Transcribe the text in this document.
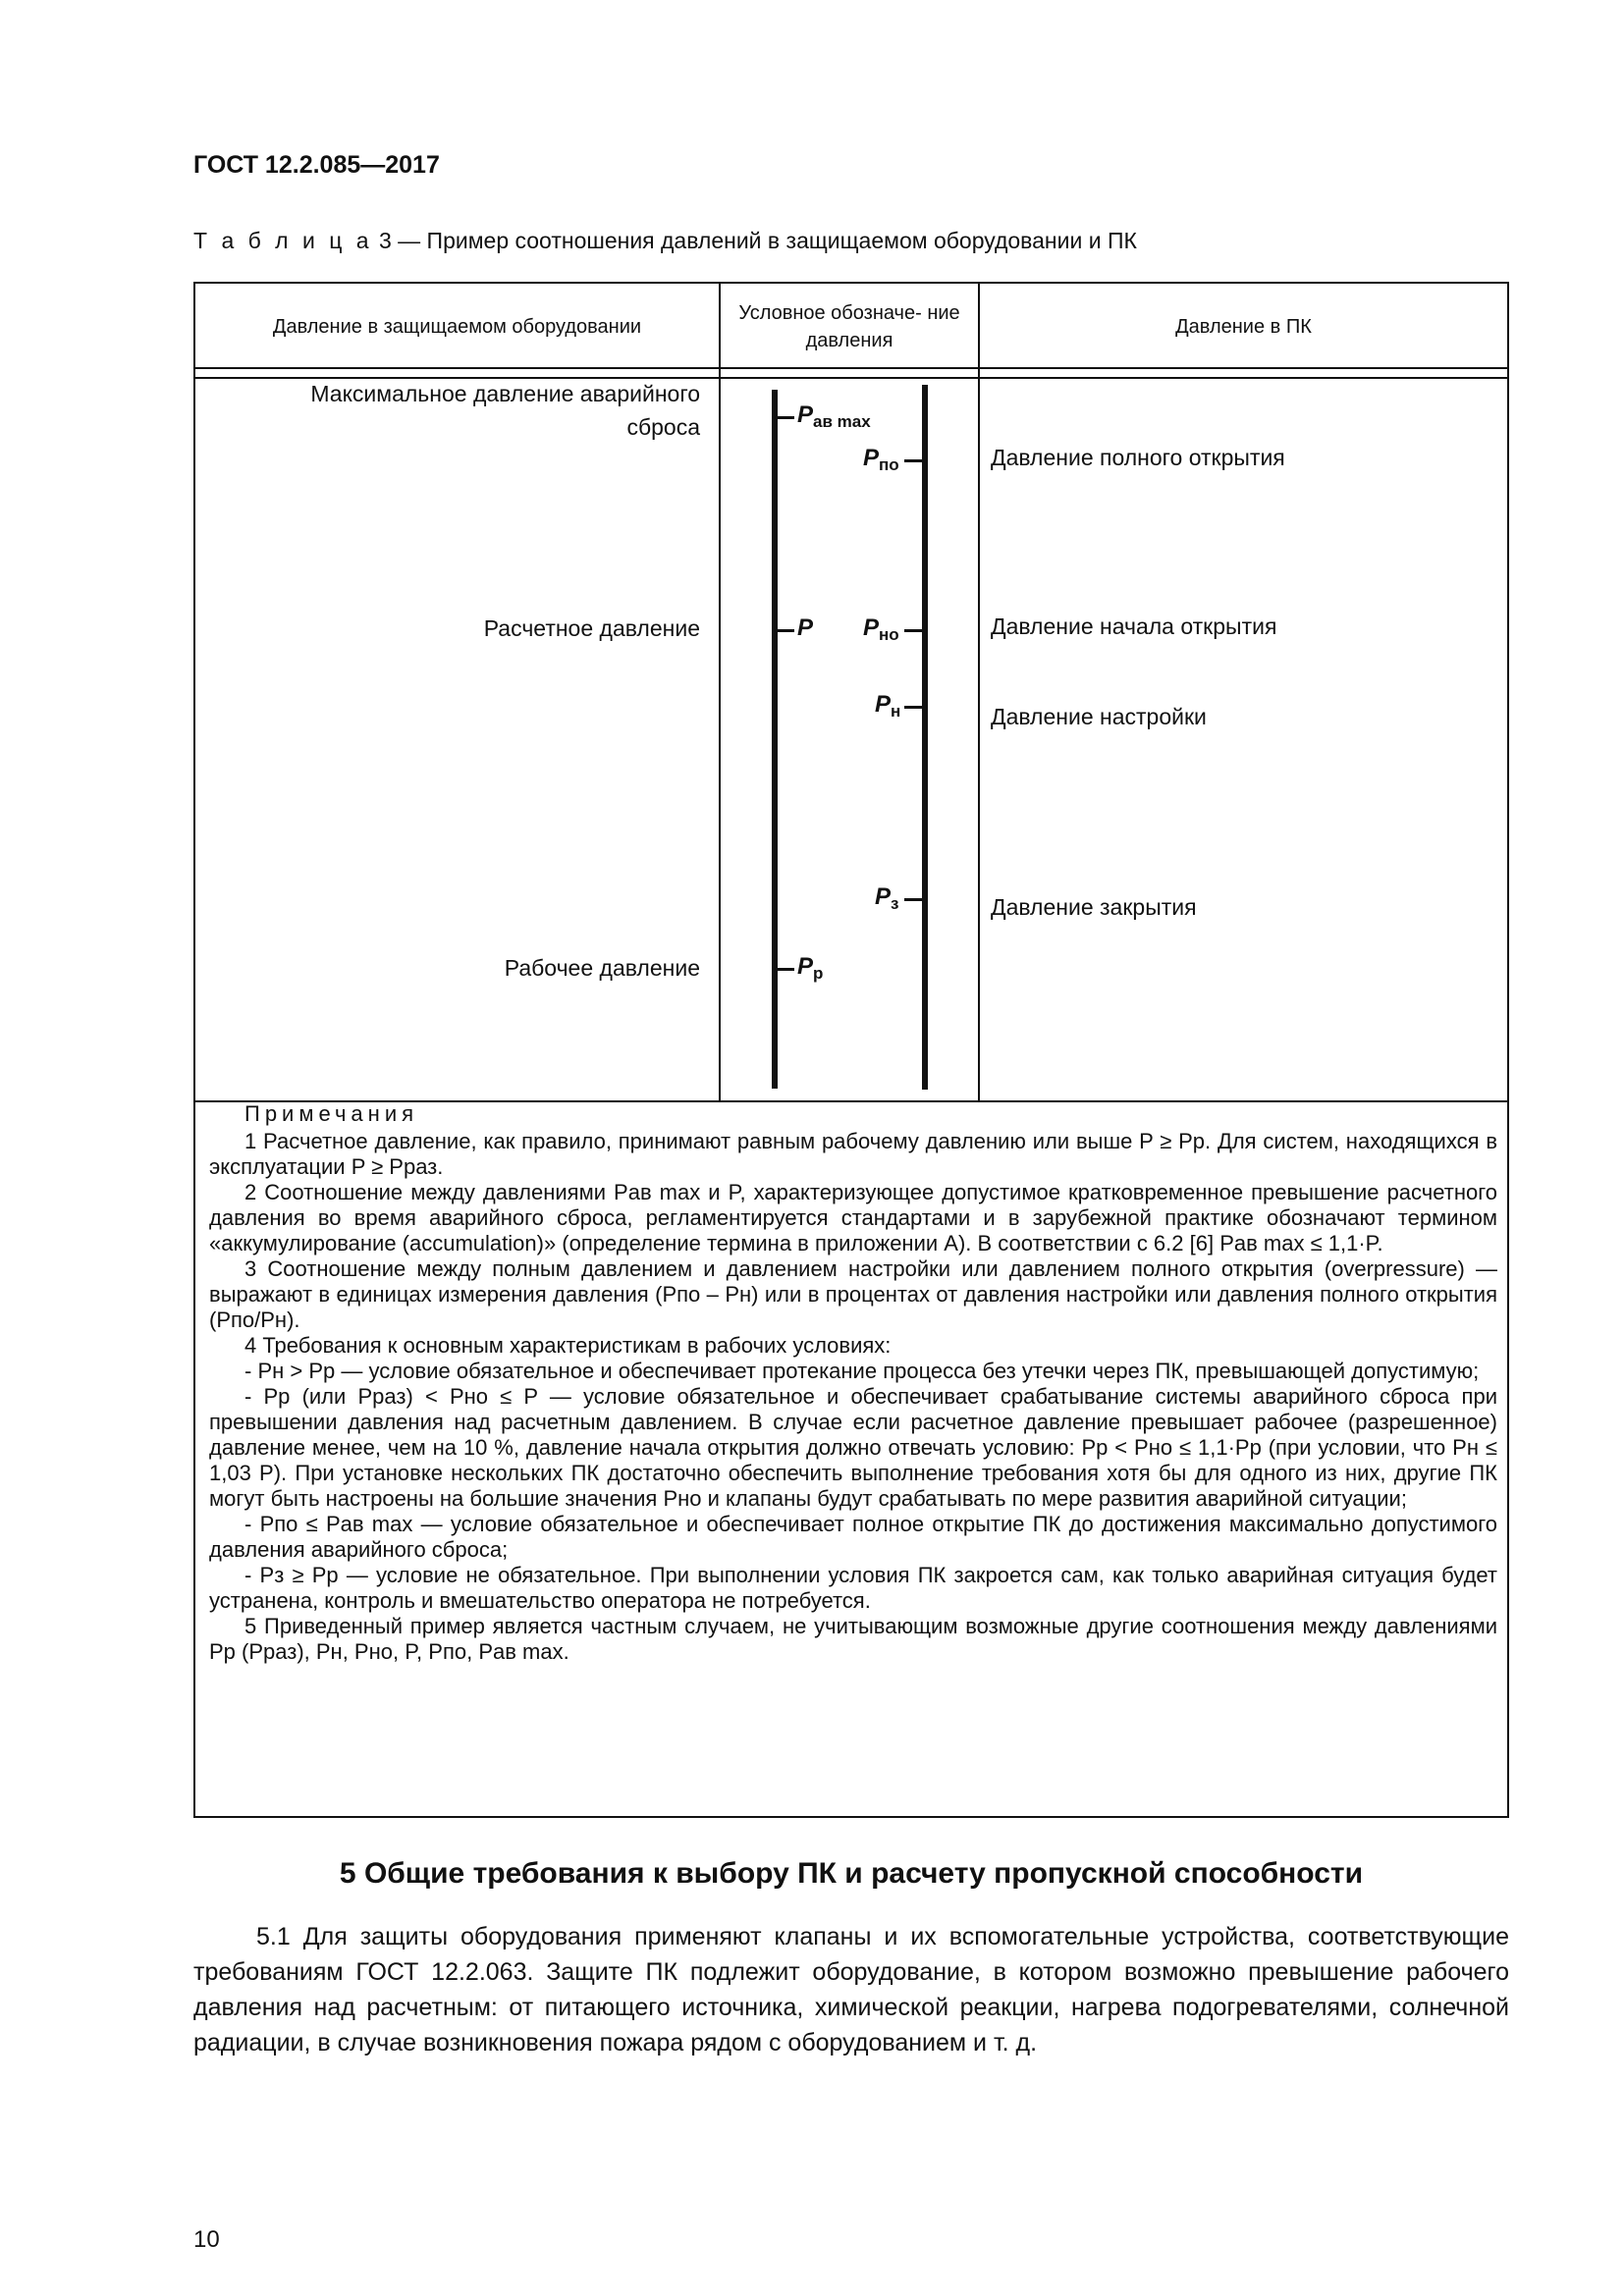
ГОСТ 12.2.085—2017
Т а б л и ц а 3 — Пример соотношения давлений в защищаемом оборудовании и ПК
Давление в защищаемом оборудовании
Условное обозначе- ние давления
Давление в ПК
Максимальное давление аварийного сброса
Расчетное давление
Рабочее давление
Давление полного открытия
Давление начала открытия
Давление настройки
Давление закрытия
$P_{ав max}$
P
$P_р$
$P_{по}$
$P_{но}$
$P_н$
$P_з$

Примечания

1 Расчетное давление, как правило, принимают равным рабочему давлению или выше P ≥ Pр. Для систем, находящихся в эксплуатации P ≥ Pраз.

2 Соотношение между давлениями Pав max и P, характеризующее допустимое кратковременное превышение расчетного давления во время аварийного сброса, регламентируется стандартами и в зарубежной практике обозначают термином «аккумулирование (accumulation)» (определение термина в приложении А). В соответствии с 6.2 [6] Pав max ≤ 1,1·P.

3 Соотношение между полным давлением и давлением настройки или давлением полного открытия (overpressure) — выражают в единицах измерения давления (Pпо – Pн) или в процентах от давления настройки или давления полного открытия (Pпо/Pн).

4 Требования к основным характеристикам в рабочих условиях:

- Pн > Pр — условие обязательное и обеспечивает протекание процесса без утечки через ПК, превышающей допустимую;

- Pр (или Pраз) < Pно ≤ P — условие обязательное и обеспечивает срабатывание системы аварийного сброса при превышении давления над расчетным давлением. В случае если расчетное давление превышает рабочее (разрешенное) давление менее, чем на 10 %, давление начала открытия должно отвечать условию: Pр < Pно ≤ 1,1·Pр (при условии, что Pн ≤ 1,03 P). При установке нескольких ПК достаточно обеспечить выполнение требования хотя бы для одного из них, другие ПК могут быть настроены на большие значения Pно и клапаны будут срабатывать по мере развития аварийной ситуации;

- Pпо ≤ Pав max — условие обязательное и обеспечивает полное открытие ПК до достижения максимально допустимого давления аварийного сброса;

- Pз ≥ Pр — условие не обязательное. При выполнении условия ПК закроется сам, как только аварийная ситуация будет устранена, контроль и вмешательство оператора не потребуется.

5 Приведенный пример является частным случаем, не учитывающим возможные другие соотношения между давлениями Pр (Pраз), Pн, Pно, P, Pпо, Pав max.

5 Общие требования к выбору ПК и расчету пропускной способности

5.1 Для защиты оборудования применяют клапаны и их вспомогательные устройства, соответствующие требованиям ГОСТ 12.2.063. Защите ПК подлежит оборудование, в котором возможно превышение рабочего давления над расчетным: от питающего источника, химической реакции, нагрева подогревателями, солнечной радиации, в случае возникновения пожара рядом с оборудованием и т. д.

10
